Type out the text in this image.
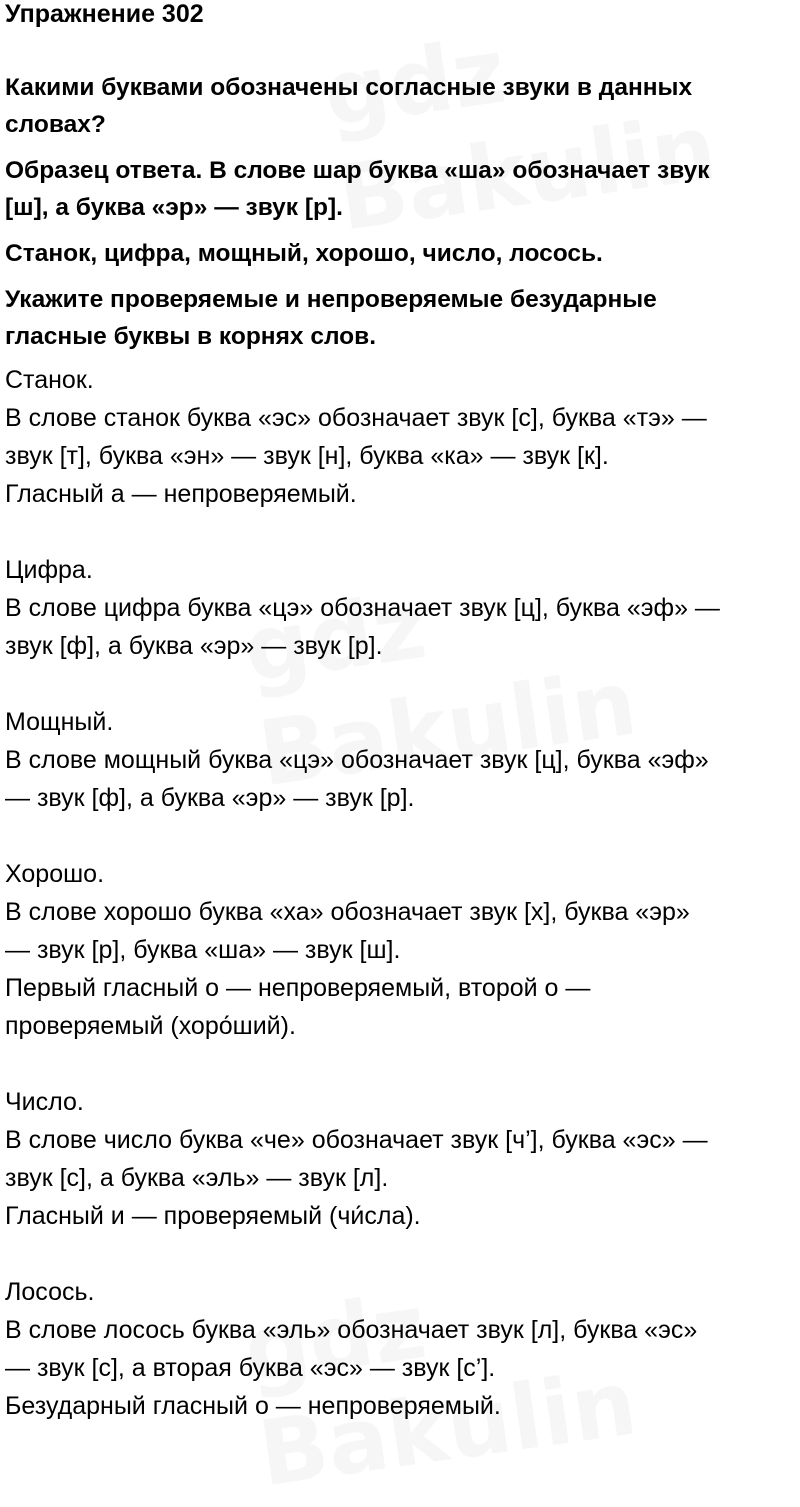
Упражнение 302
Какими буквами обозначены согласные звуки в данных
словах?
Образец ответа. В слове шар буква «ша» обозначает звук
[ш], а буква «эр» — звук [р].
Станок, цифра, мощный, хорошо, число, лосось.
Укажите проверяемые и непроверяемые безударные
гласные буквы в корнях слов.
Станок.
В слове станок буква «эс» обозначает звук [с], буква «тэ» —
звук [т], буква «эн» — звук [н], буква «ка» — звук [к].
Гласный а — непроверяемый.
Цифра.
В слове цифра буква «цэ» обозначает звук [ц], буква «эф» —
звук [ф], а буква «эр» — звук [р].
Мощный.
В слове мощный буква «цэ» обозначает звук [ц], буква «эф»
— звук [ф], а буква «эр» — звук [р].
Хорошо.
В слове хорошо буква «ха» обозначает звук [х], буква «эр»
— звук [р], буква «ша» — звук [ш].
Первый гласный о — непроверяемый, второй о —
проверяемый (хоро́ший).
Число.
В слове число буква «че» обозначает звук [ч’], буква «эс» —
звук [с], а буква «эль» — звук [л].
Гласный и — проверяемый (чи́сла).
Лосось.
В слове лосось буква «эль» обозначает звук [л], буква «эс»
— звук [с], а вторая буква «эс» — звук [с’].
Безударный гласный о — непроверяемый.
